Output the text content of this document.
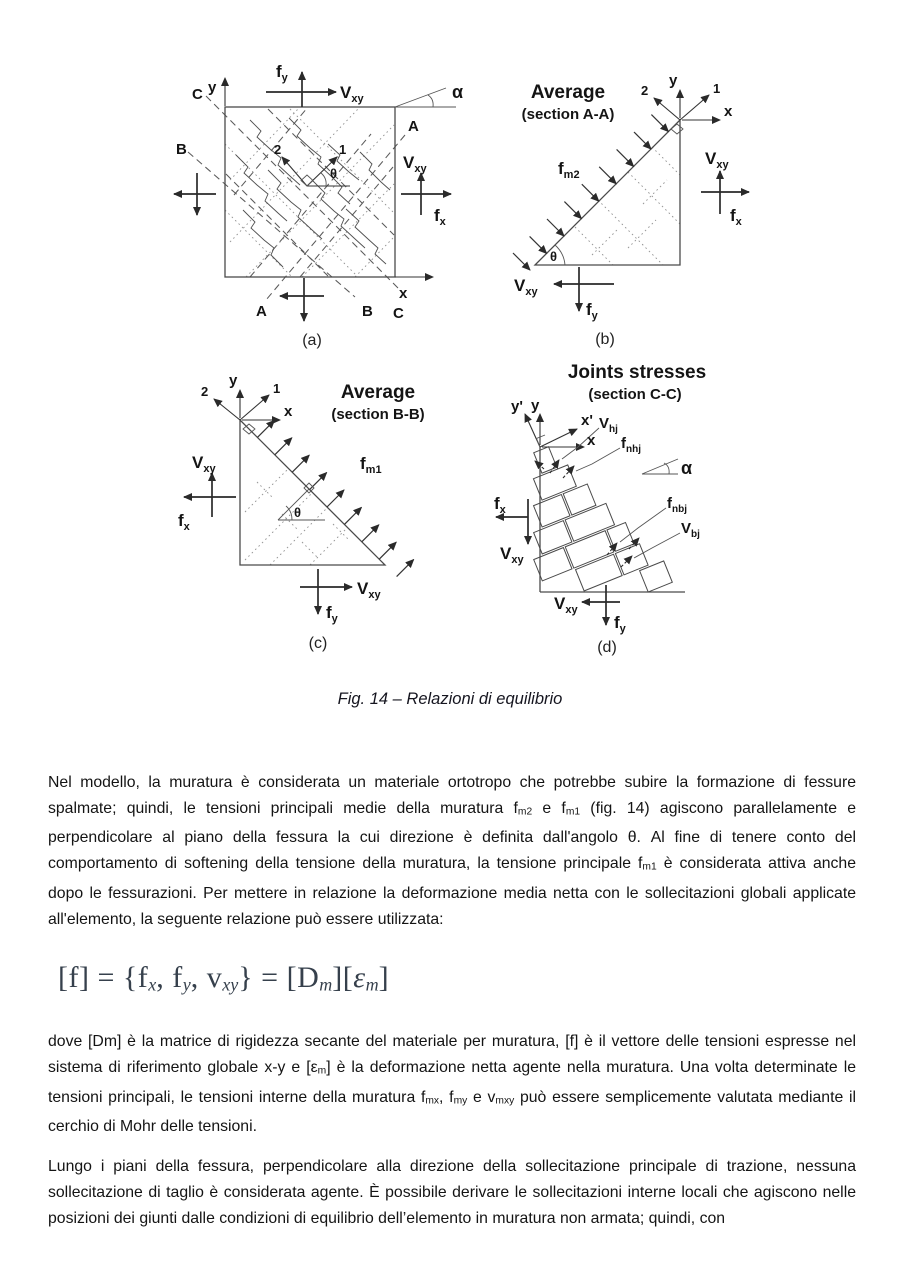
y
x
$f_y$
$V_{xy}$	α
A
$V_{xy}$
$f_x$
C
B
A	B C
2	1
θ
(a)
Average
(section A-A)
y
x
1
2
$f_{m2}$
θ
$V_{xy}$
$f_x$
$V_{xy}$
$f_y$
(b)
Average
(section B-B)
y
x
1
2
$f_{m1}$
θ
$V_{xy}$
$f_x$
$V_{xy}$
$f_y$
(c)
Joints stresses
(section C-C)
y
y'
x'
x
$V_{hj}$
$f_{nhj}$
α
$f_{nbj}$
$V_{bj}$
$f_x$
$V_{xy}$
$V_{xy}$
$f_y$
(d)
Fig. 14 – Relazioni di equilibrio

Nel modello, la muratura è considerata un materiale ortotropo che potrebbe subire la formazione di fessure spalmate; quindi, le tensioni principali medie della muratura $f_{m2}$ e $f_{m1}$ (fig. 14) agiscono parallelamente e perpendicolare al piano della fessura la cui direzione è definita dall'angolo θ. Al fine di tenere conto del comportamento di softening della tensione della muratura, la tensione principale $f_{m1}$ è considerata attiva anche dopo le fessurazioni. Per mettere in relazione la deformazione media netta con le sollecitazioni globali applicate all'elemento, la seguente relazione può essere utilizzata:

$[f] = \{f_x$, $f_y$, $v_{xy}\} = [D_m][\varepsilon_m]$

dove [Dm] è la matrice di rigidezza secante del materiale per muratura, [f] è il vettore delle tensioni espresse nel sistema di riferimento globale x-y e $[\varepsilon_m]$ è la deformazione netta agente nella muratura. Una volta determinate le tensioni principali, le tensioni interne della muratura $f_{mx}$, $f_{my}$ e $v_{mxy}$ può essere semplicemente valutata mediante il cerchio di Mohr delle tensioni.

Lungo i piani della fessura, perpendicolare alla direzione della sollecitazione principale di trazione, nessuna sollecitazione di taglio è considerata agente. È possibile derivare le sollecitazioni interne locali che agiscono nelle posizioni dei giunti dalle condizioni di equilibrio dell’elemento in muratura non armata; quindi, con
